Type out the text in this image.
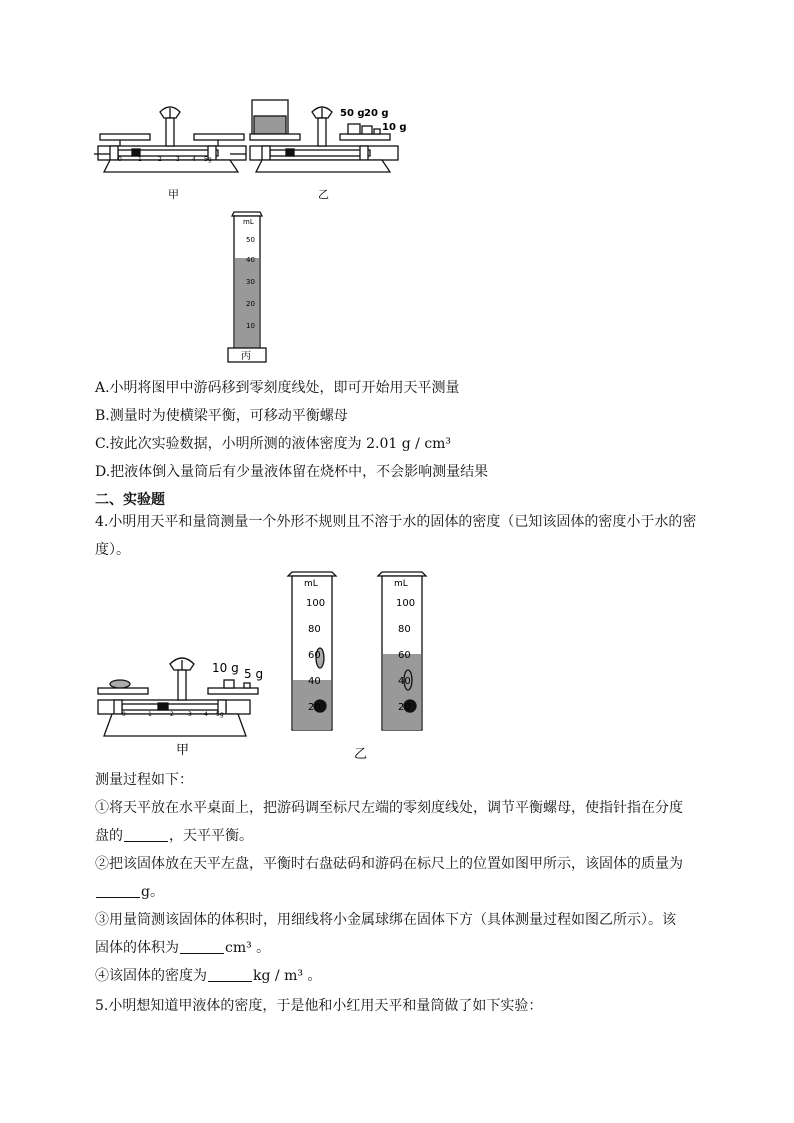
0	1	2 3 4 5g
甲
50 g 20 g
10 g
乙
mL
50
40
30
20
10
丙
A.小明将图甲中游码移到零刻度线处，即可开始用天平测量
B.测量时为使横梁平衡，可移动平衡螺母
C.按此次实验数据，小明所测的液体密度为 2.01 g / cm³
D.把液体倒入量筒后有少量液体留在烧杯中，不会影响测量结果
二、实验题
4.小明用天平和量筒测量一个外形不规则且不溶于水的固体的密度（已知该固体的密度小于水的密
度）。
0	1	2 3 4 5g
10 g 5 g
甲
mL
100
80
60
40
20
mL
100
80
60
40
20
乙
测量过程如下：
①将天平放在水平桌面上，把游码调至标尺左端的零刻度线处，调节平衡螺母，使指针指在分度
盘的	，天平平衡。
②把该固体放在天平左盘，平衡时右盘砝码和游码在标尺上的位置如图甲所示，该固体的质量为
g。
③用量筒测该固体的体积时，用细线将小金属球绑在固体下方（具体测量过程如图乙所示）。该
固体的体积为	cm³ 。
④该固体的密度为	kg / m³ 。
5.小明想知道甲液体的密度，于是他和小红用天平和量筒做了如下实验：
